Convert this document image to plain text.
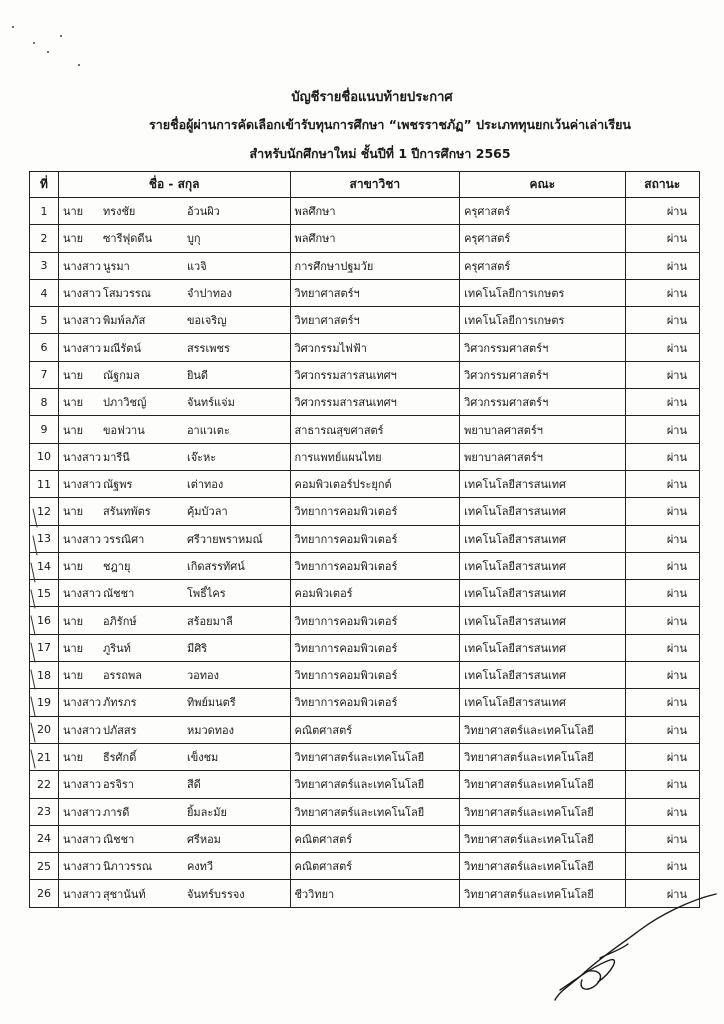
บัญชีรายชื่อแนบท้ายประกาศ
รายชื่อผู้ผ่านการคัดเลือกเข้ารับทุนการศึกษา “เพชรราชภัฏ” ประเภททุนยกเว้นค่าเล่าเรียน
สำหรับนักศึกษาใหม่ ชั้นปีที่ 1 ปีการศึกษา 2565
ที่	ชื่อ - สกุล	สาขาวิชา	คณะ	สถานะ
1	นาย ทรงชัย อ้วนผิว	พลศึกษา	ครุศาสตร์	ผ่าน
2	นาย ซารีฟุดดีน บูกุ	พลศึกษา	ครุศาสตร์	ผ่าน
3	นางสาว นูรมา แวจิ	การศึกษาปฐมวัย	ครุศาสตร์	ผ่าน
4	นางสาว โสมวรรณ จำปาทอง	วิทยาศาสตร์ฯ	เทคโนโลยีการเกษตร	ผ่าน
5	นางสาว พิมพ์ลภัส ขอเจริญ	วิทยาศาสตร์ฯ	เทคโนโลยีการเกษตร	ผ่าน
6	นางสาว มณีรัตน์ สรรเพชร	วิศวกรรมไฟฟ้า	วิศวกรรมศาสตร์ฯ	ผ่าน
7	นาย ณัฐกมล ยินดี	วิศวกรรมสารสนเทศฯ	วิศวกรรมศาสตร์ฯ	ผ่าน
8	นาย ปภาวิชญ์ จันทร์แจ่ม	วิศวกรรมสารสนเทศฯ	วิศวกรรมศาสตร์ฯ	ผ่าน
9	นาย ขอฟวาน อาแวเตะ	สาธารณสุขศาสตร์	พยาบาลศาสตร์ฯ	ผ่าน
10	นางสาว มารีนี เจ๊ะหะ	การแพทย์แผนไทย	พยาบาลศาสตร์ฯ	ผ่าน
11	นางสาว ณัฐพร เต่าทอง	คอมพิวเตอร์ประยุกต์	เทคโนโลยีสารสนเทศ	ผ่าน
12	นาย สรันทพัตร คุ้มบัวลา	วิทยาการคอมพิวเตอร์	เทคโนโลยีสารสนเทศ	ผ่าน
13	นางสาว วรรณิศา ศรีวายพราหมณ์	วิทยาการคอมพิวเตอร์	เทคโนโลยีสารสนเทศ	ผ่าน
14	นาย ชฎายุ เกิดสรรทัศน์	วิทยาการคอมพิวเตอร์	เทคโนโลยีสารสนเทศ	ผ่าน
15	นางสาว ณัชชา โพธิ์ไคร	คอมพิวเตอร์	เทคโนโลยีสารสนเทศ	ผ่าน
16	นาย อภิรักษ์ สร้อยมาลี	วิทยาการคอมพิวเตอร์	เทคโนโลยีสารสนเทศ	ผ่าน
17	นาย ภูรินท์ มีศิริ	วิทยาการคอมพิวเตอร์	เทคโนโลยีสารสนเทศ	ผ่าน
18	นาย อรรถพล วอทอง	วิทยาการคอมพิวเตอร์	เทคโนโลยีสารสนเทศ	ผ่าน
19	นางสาว ภัทรภร ทิพย์มนตรี	วิทยาการคอมพิวเตอร์	เทคโนโลยีสารสนเทศ	ผ่าน
20	นางสาว ปภัสสร หมวดทอง	คณิตศาสตร์	วิทยาศาสตร์และเทคโนโลยี	ผ่าน
21	นาย ธีรศักดิ์ เข็งชม	วิทยาศาสตร์และเทคโนโลยี	วิทยาศาสตร์และเทคโนโลยี	ผ่าน
22	นางสาว อรจิรา สีดี	วิทยาศาสตร์และเทคโนโลยี	วิทยาศาสตร์และเทคโนโลยี	ผ่าน
23	นางสาว ภารดี ยิ้มละมัย	วิทยาศาสตร์และเทคโนโลยี	วิทยาศาสตร์และเทคโนโลยี	ผ่าน
24	นางสาว ณิชชา ศรีหอม	คณิตศาสตร์	วิทยาศาสตร์และเทคโนโลยี	ผ่าน
25	นางสาว นิภาวรรณ คงทวี	คณิตศาสตร์	วิทยาศาสตร์และเทคโนโลยี	ผ่าน
26	นางสาว สุชานันท์ จันทร์บรรจง	ชีววิทยา	วิทยาศาสตร์และเทคโนโลยี	ผ่าน
